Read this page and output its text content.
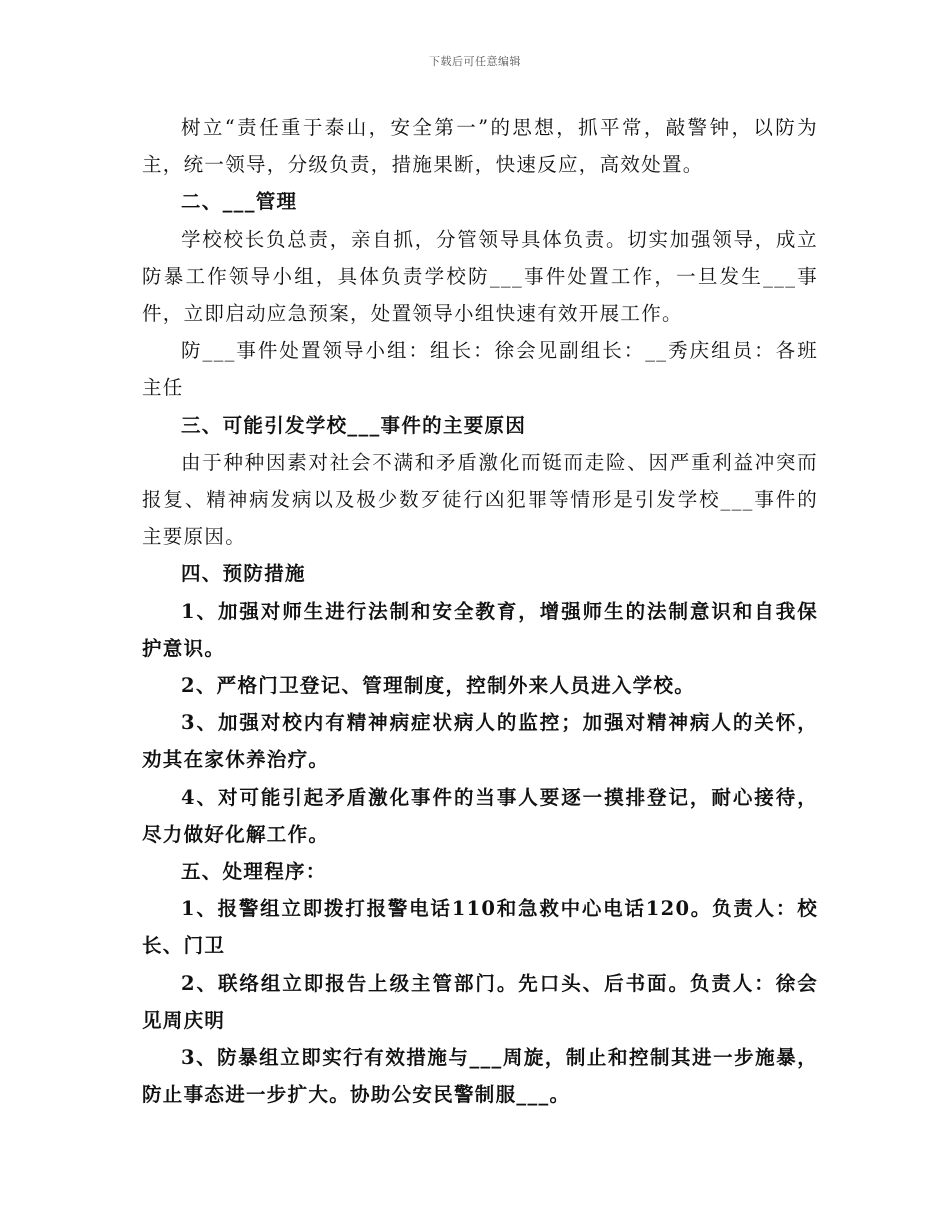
下载后可任意编辑

树立“责任重于泰山，安全第一”的思想，抓平常，敲警钟，以防为主，统一领导，分级负责，措施果断，快速反应，高效处置。

二、___管理

学校校长负总责，亲自抓，分管领导具体负责。切实加强领导，成立防暴工作领导小组，具体负责学校防___事件处置工作，一旦发生___事件，立即启动应急预案，处置领导小组快速有效开展工作。

防___事件处置领导小组：组长：徐会见副组长：__秀庆组员：各班主任

三、可能引发学校___事件的主要原因

由于种种因素对社会不满和矛盾激化而铤而走险、因严重利益冲突而报复、精神病发病以及极少数歹徒行凶犯罪等情形是引发学校___事件的主要原因。

四、预防措施

1、加强对师生进行法制和安全教育，增强师生的法制意识和自我保护意识。

2、严格门卫登记、管理制度，控制外来人员进入学校。

3、加强对校内有精神病症状病人的监控；加强对精神病人的关怀，劝其在家休养治疗。

4、对可能引起矛盾激化事件的当事人要逐一摸排登记，耐心接待，尽力做好化解工作。

五、处理程序：

1、报警组立即拨打报警电话110和急救中心电话120。负责人：校长、门卫

2、联络组立即报告上级主管部门。先口头、后书面。负责人：徐会见周庆明

3、防暴组立即实行有效措施与___周旋，制止和控制其进一步施暴，防止事态进一步扩大。协助公安民警制服___。
